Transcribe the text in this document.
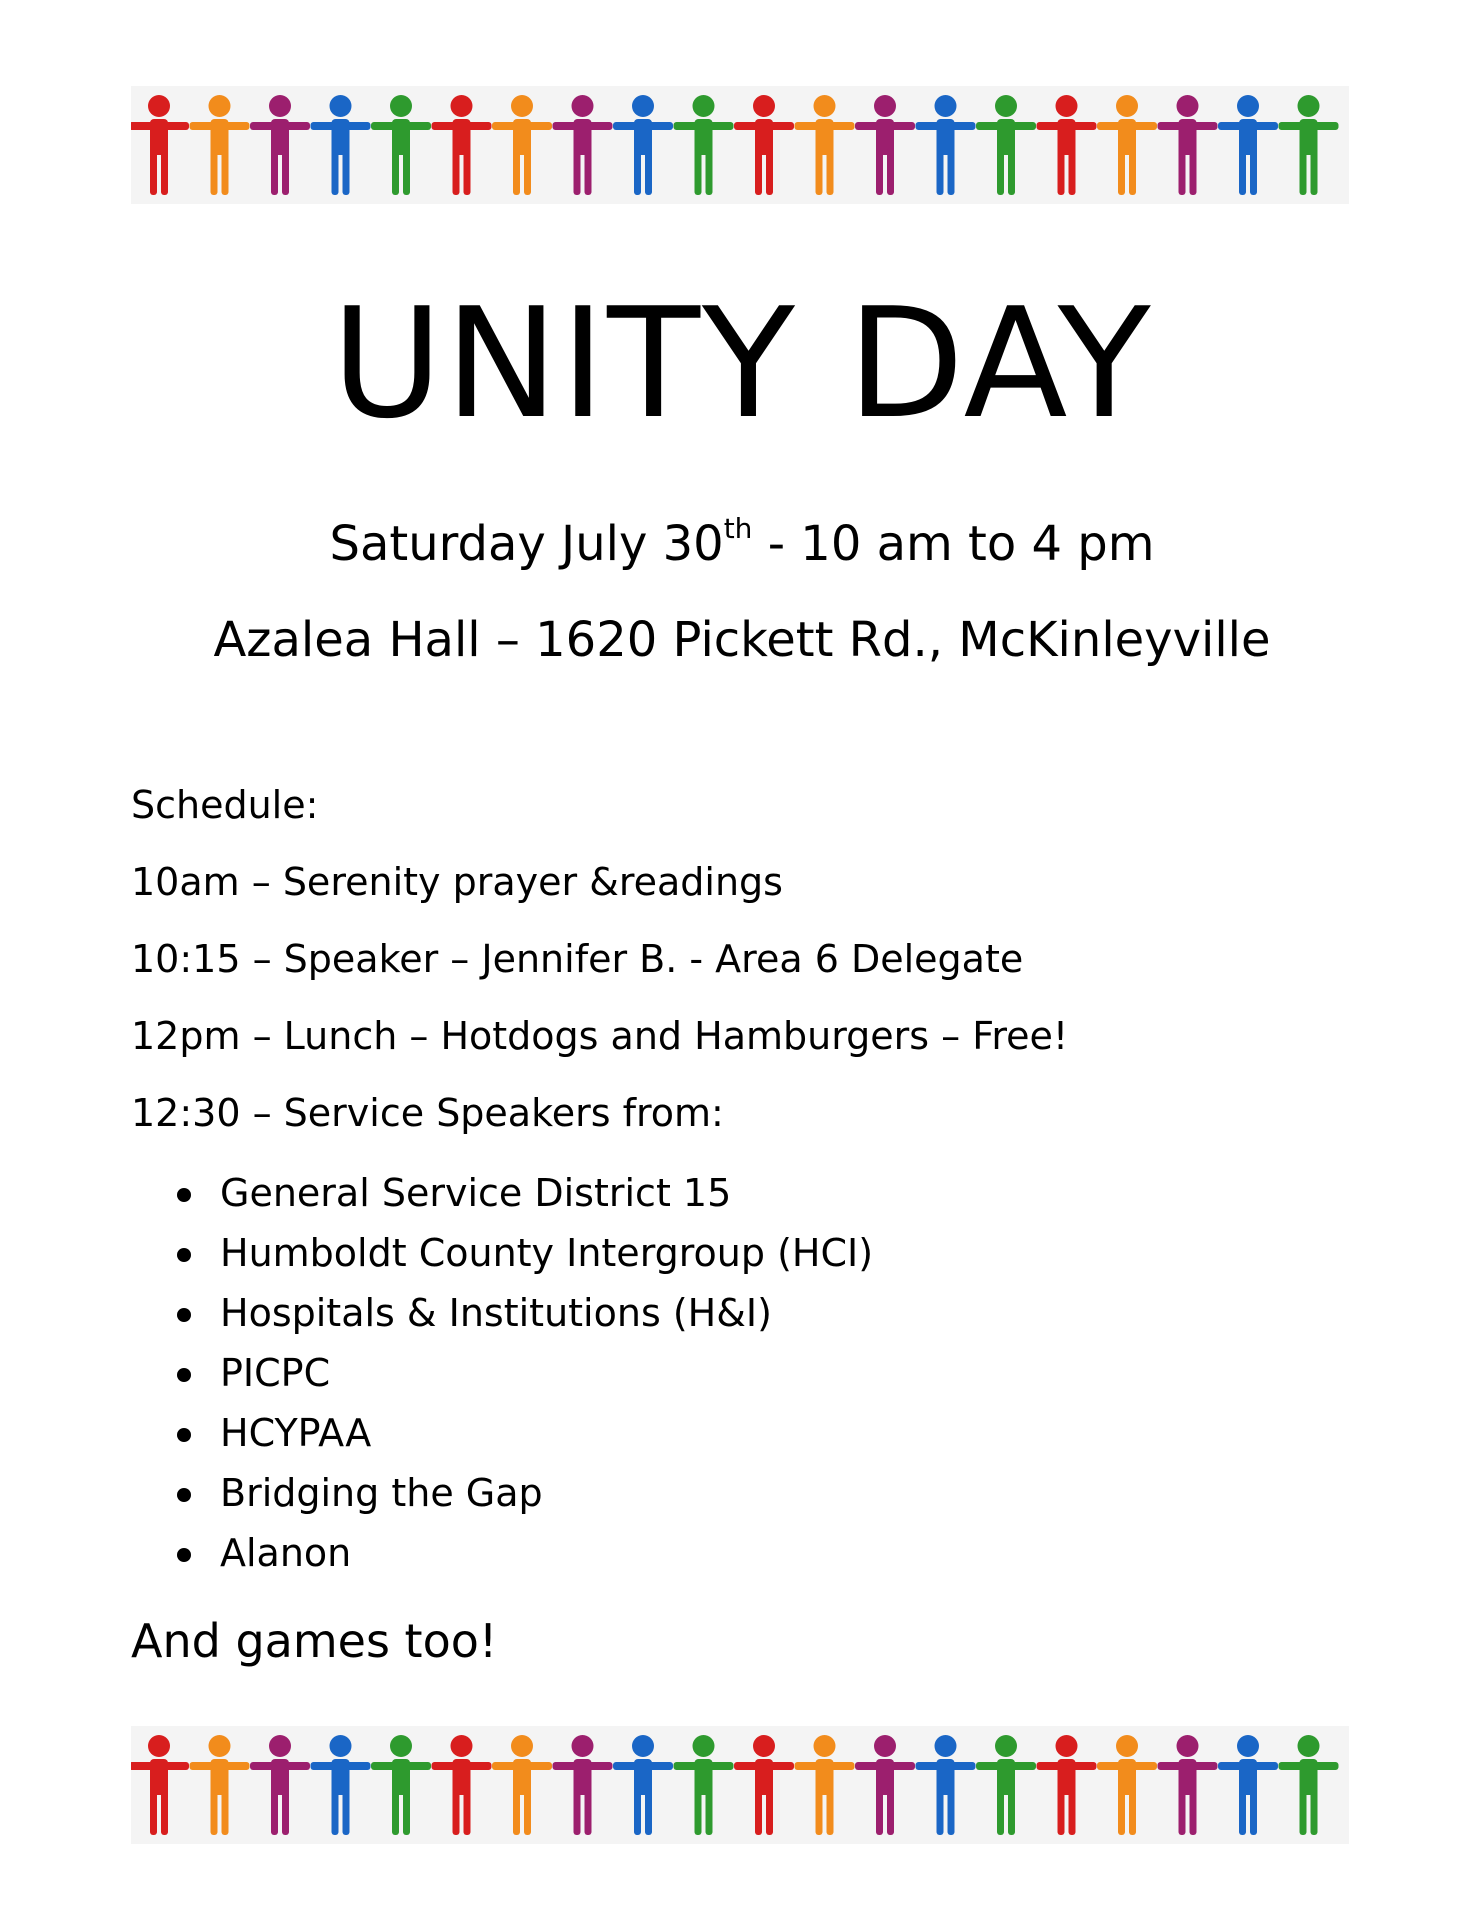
UNITY DAY
Saturday July 30th - 10 am to 4 pm
Azalea Hall – 1620 Pickett Rd., McKinleyville
Schedule:
10am – Serenity prayer &readings
10:15 – Speaker – Jennifer B. - Area 6 Delegate
12pm – Lunch – Hotdogs and Hamburgers – Free!
12:30 – Service Speakers from:
General Service District 15
Humboldt County Intergroup (HCI)
Hospitals & Institutions (H&I)
PICPC
HCYPAA
Bridging the Gap
Alanon
And games too!
